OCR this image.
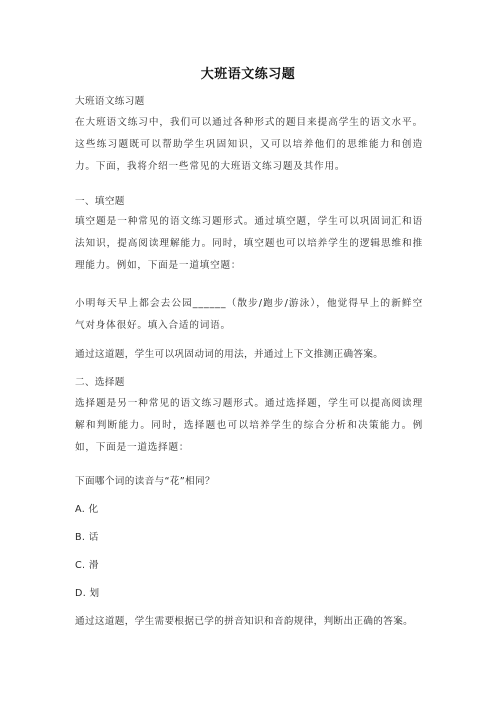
大班语文练习题
大班语文练习题
在大班语文练习中，我们可以通过各种形式的题目来提高学生的语文水平。这些练习题既可以帮助学生巩固知识，又可以培养他们的思维能力和创造力。下面，我将介绍一些常见的大班语文练习题及其作用。
一、填空题
填空题是一种常见的语文练习题形式。通过填空题，学生可以巩固词汇和语法知识，提高阅读理解能力。同时，填空题也可以培养学生的逻辑思维和推理能力。例如，下面是一道填空题：
小明每天早上都会去公园______（散步/跑步/游泳），他觉得早上的新鲜空气对身体很好。填入合适的词语。
通过这道题，学生可以巩固动词的用法，并通过上下文推测正确答案。
二、选择题
选择题是另一种常见的语文练习题形式。通过选择题，学生可以提高阅读理解和判断能力。同时，选择题也可以培养学生的综合分析和决策能力。例如，下面是一道选择题：
下面哪个词的读音与“花”相同？
A. 化
B. 话
C. 滑
D. 划
通过这道题，学生需要根据已学的拼音知识和音韵规律，判断出正确的答案。
